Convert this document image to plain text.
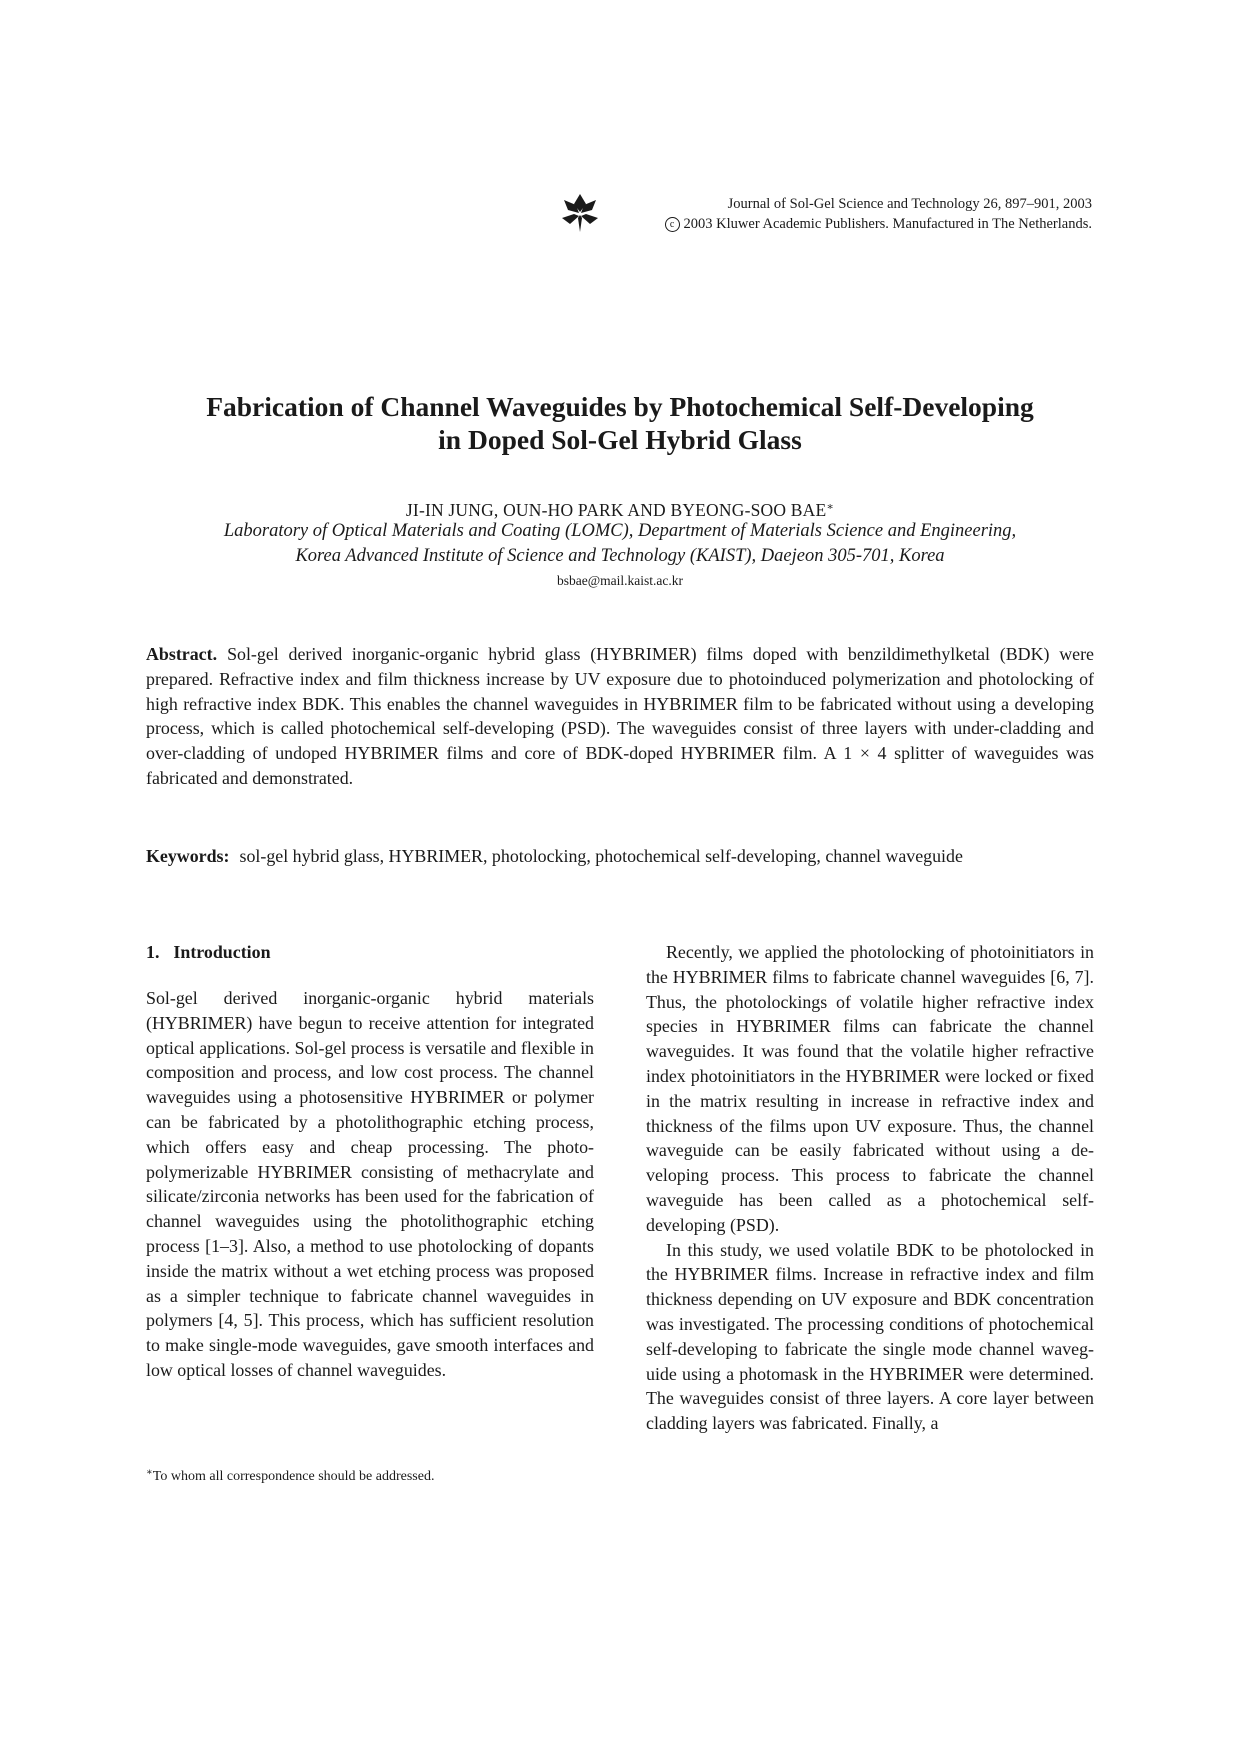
Journal of Sol-Gel Science and Technology 26, 897–901, 2003
c 2003 Kluwer Academic Publishers. Manufactured in The Netherlands.
Fabrication of Channel Waveguides by Photochemical Self-Developing
in Doped Sol-Gel Hybrid Glass
JI-IN JUNG, OUN-HO PARK AND BYEONG-SOO BAE∗
Laboratory of Optical Materials and Coating (LOMC), Department of Materials Science and Engineering,
Korea Advanced Institute of Science and Technology (KAIST), Daejeon 305-701, Korea
bsbae@mail.kaist.ac.kr
Abstract. Sol-gel derived inorganic-organic hybrid glass (HYBRIMER) films doped with benzildimethylketal (BDK) were prepared. Refractive index and film thickness increase by UV exposure due to photoinduced polymerization and photolocking of high refractive index BDK. This enables the channel waveguides in HYBRIMER film to be fabricated without using a developing process, which is called photochemical self-developing (PSD). The waveguides consist of three layers with under-cladding and over-cladding of undoped HYBRIMER films and core of BDK-doped HYBRIMER film. A 1 × 4 splitter of waveguides was fabricated and demonstrated.
Keywords: sol-gel hybrid glass, HYBRIMER, photolocking, photochemical self-developing, channel waveguide
1. Introduction

Sol-gel derived inorganic-organic hybrid materials (HYBRIMER) have begun to receive attention for integrated optical applications. Sol-gel process is versatile and flexible in composition and process, and low cost process. The channel waveguides using a photosensitive HYBRIMER or polymer can be fabricated by a photolithographic etching process, which offers easy and cheap processing. The photo-polymerizable HYBRIMER consisting of methacrylate and silicate/zirconia networks has been used for the fabrication of channel waveguides using the photolithographic etching process [1–3]. Also, a method to use photolocking of dopants inside the matrix without a wet etching process was proposed as a simpler technique to fabricate channel waveguides in polymers [4, 5]. This process, which has sufficient resolution to make single-mode waveguides, gave smooth interfaces and low optical losses of channel waveguides.

Recently, we applied the photolocking of photoinitiators in the HYBRIMER films to fabricate channel waveguides [6, 7]. Thus, the photolockings of volatile higher refractive index species in HYBRIMER films can fabricate the channel waveguides. It was found that the volatile higher refractive index photoinitiators in the HYBRIMER were locked or fixed in the matrix resulting in increase in refractive index and thickness of the films upon UV exposure. Thus, the channel waveguide can be easily fabricated without using a developing process. This process to fabricate the channel waveguide has been called as a photochemical self-developing (PSD).

In this study, we used volatile BDK to be photolocked in the HYBRIMER films. Increase in refractive index and film thickness depending on UV exposure and BDK concentration was investigated. The processing conditions of photochemical self-developing to fabricate the single mode channel waveguide using a photomask in the HYBRIMER were determined. The waveguides consist of three layers. A core layer between cladding layers was fabricated. Finally, a

∗To whom all correspondence should be addressed.
